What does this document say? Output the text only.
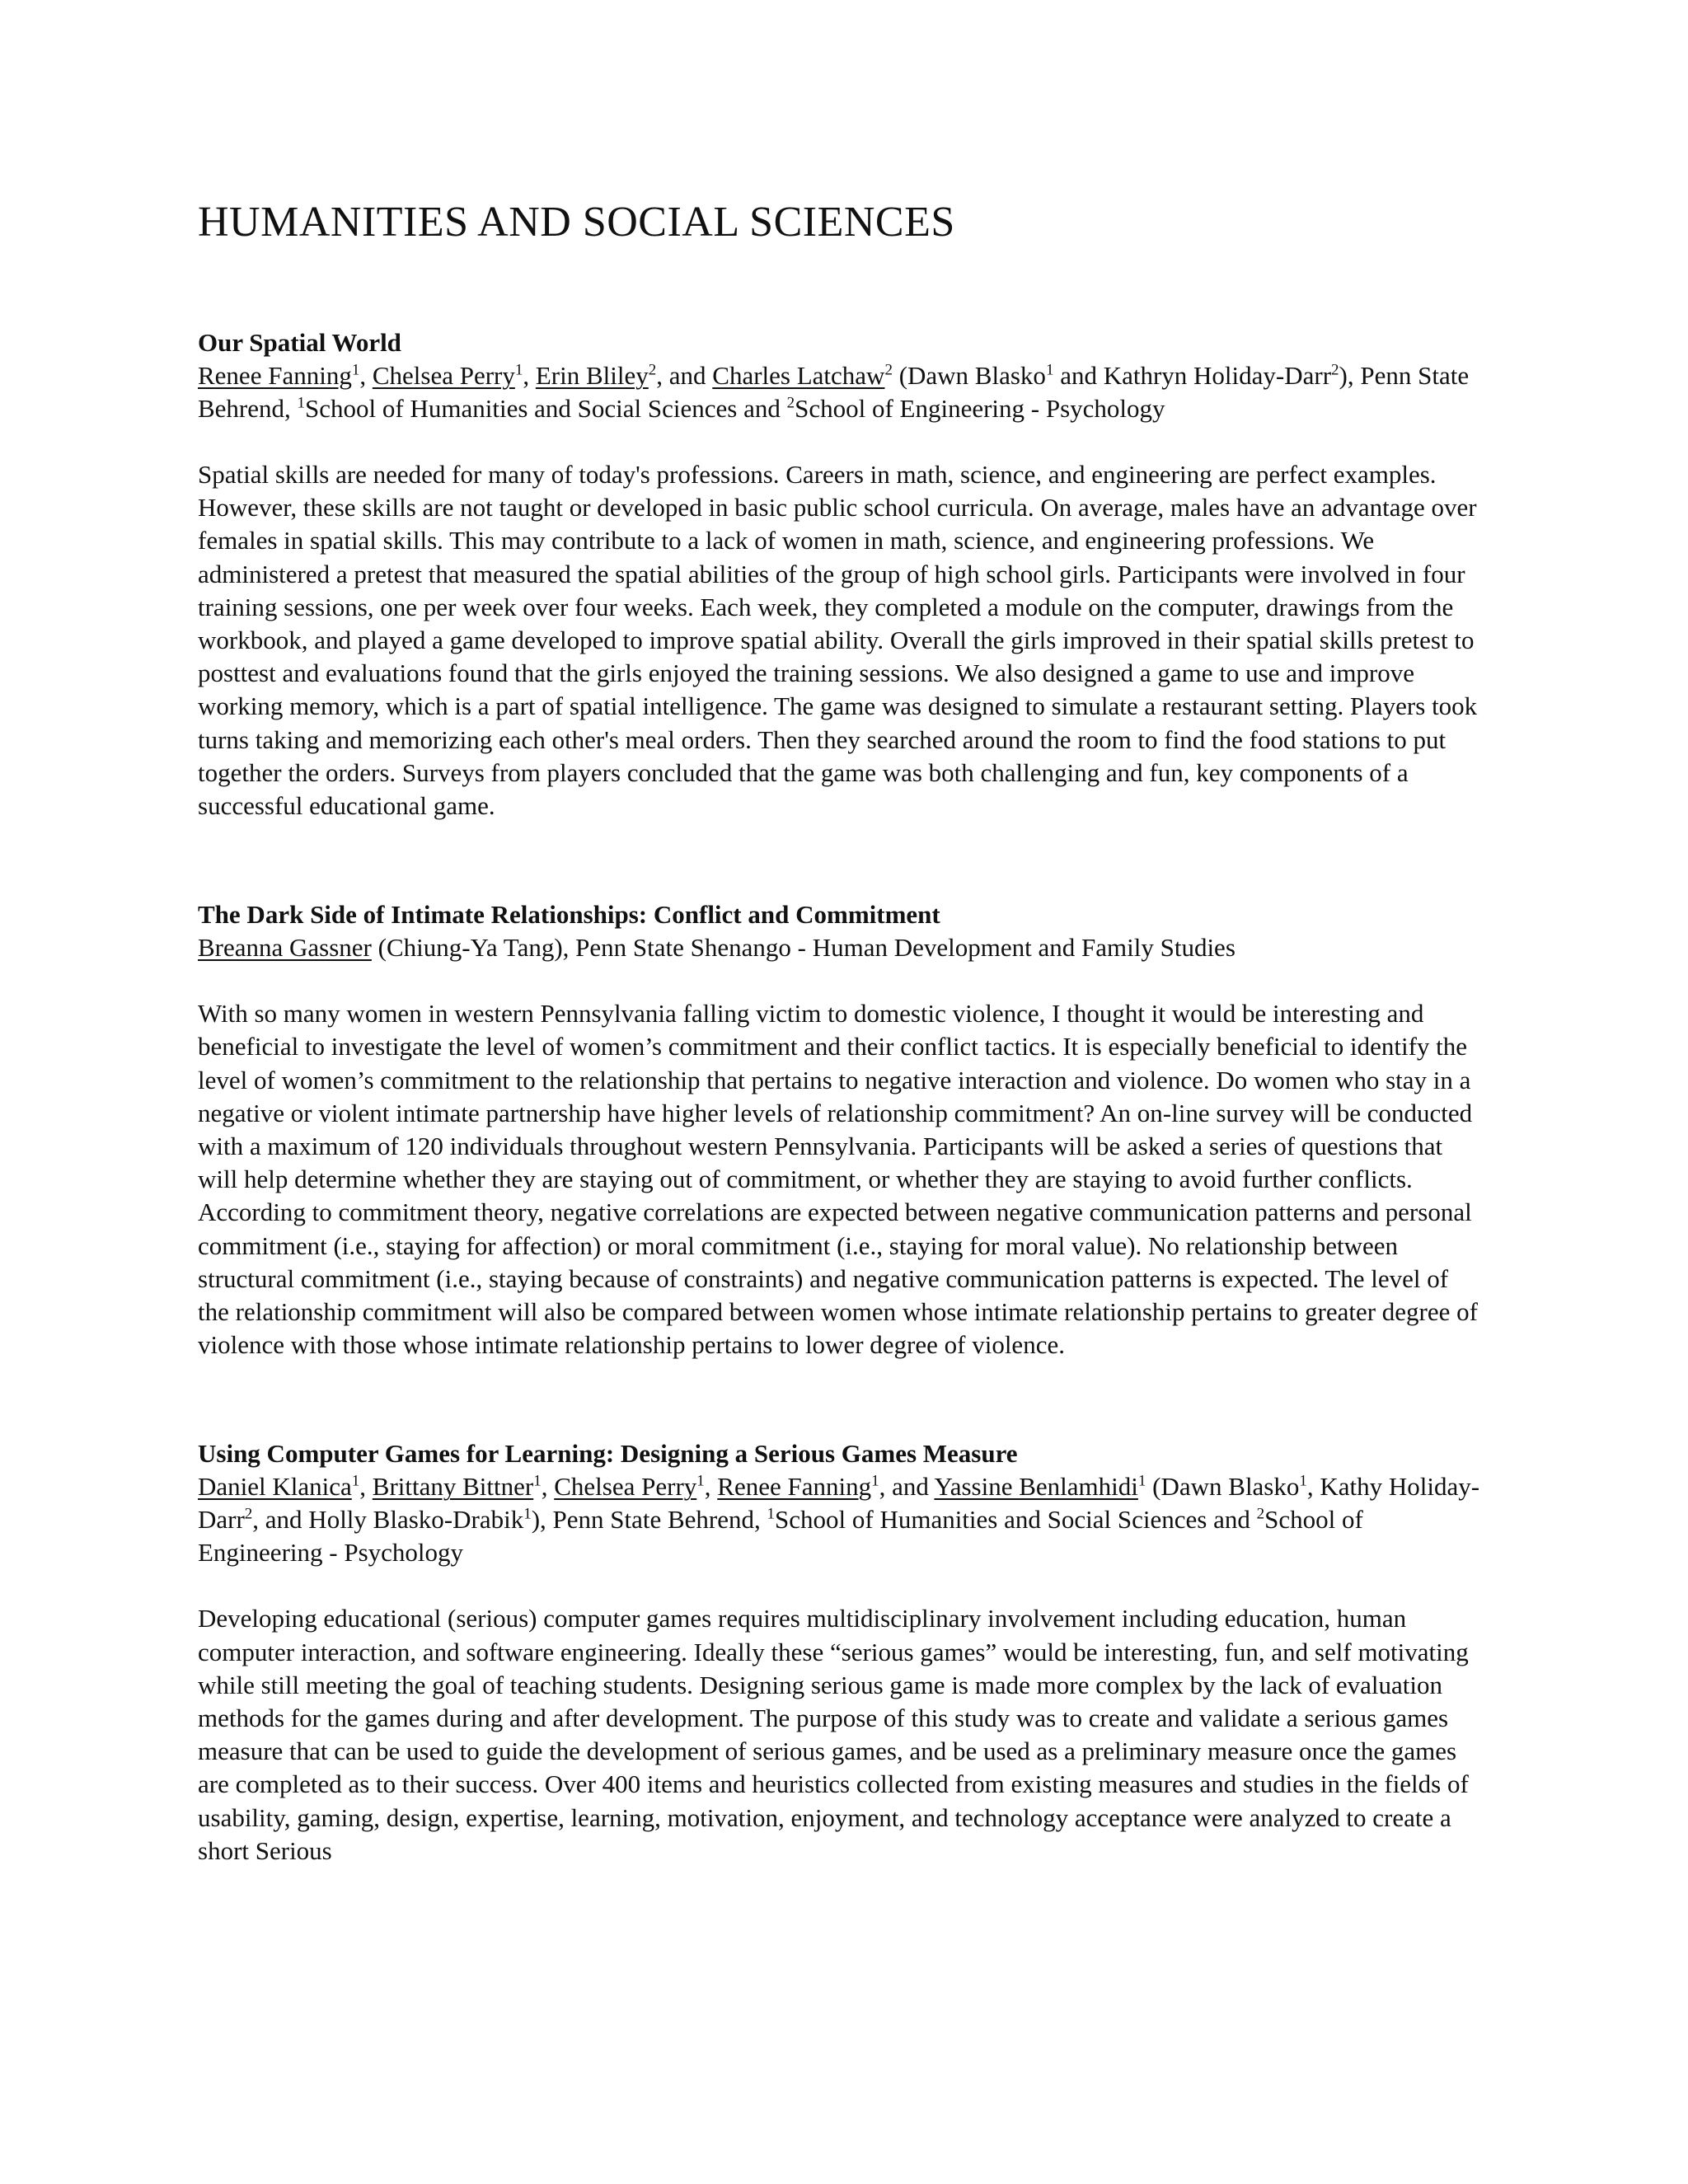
HUMANITIES AND SOCIAL SCIENCES

Our Spatial World

Renee Fanning$^1$, Chelsea Perry$^1$, Erin Bliley$^2$, and Charles Latchaw$^2$ (Dawn Blasko$^1$ and Kathryn Holiday-Darr$^2$), Penn State Behrend, $^1$School of Humanities and Social Sciences and $^2$School of Engineering - Psychology

Spatial skills are needed for many of today's professions. Careers in math, science, and engineering are perfect examples. However, these skills are not taught or developed in basic public school curricula. On average, males have an advantage over females in spatial skills. This may contribute to a lack of women in math, science, and engineering professions. We administered a pretest that measured the spatial abilities of the group of high school girls. Participants were involved in four training sessions, one per week over four weeks. Each week, they completed a module on the computer, drawings from the workbook, and played a game developed to improve spatial ability. Overall the girls improved in their spatial skills pretest to posttest and evaluations found that the girls enjoyed the training sessions. We also designed a game to use and improve working memory, which is a part of spatial intelligence. The game was designed to simulate a restaurant setting. Players took turns taking and memorizing each other's meal orders. Then they searched around the room to find the food stations to put together the orders. Surveys from players concluded that the game was both challenging and fun, key components of a successful educational game.

The Dark Side of Intimate Relationships: Conflict and Commitment

Breanna Gassner (Chiung-Ya Tang), Penn State Shenango - Human Development and Family Studies

With so many women in western Pennsylvania falling victim to domestic violence, I thought it would be interesting and beneficial to investigate the level of women’s commitment and their conflict tactics. It is especially beneficial to identify the level of women’s commitment to the relationship that pertains to negative interaction and violence. Do women who stay in a negative or violent intimate partnership have higher levels of relationship commitment? An on-line survey will be conducted with a maximum of 120 individuals throughout western Pennsylvania. Participants will be asked a series of questions that will help determine whether they are staying out of commitment, or whether they are staying to avoid further conflicts. According to commitment theory, negative correlations are expected between negative communication patterns and personal commitment (i.e., staying for affection) or moral commitment (i.e., staying for moral value). No relationship between structural commitment (i.e., staying because of constraints) and negative communication patterns is expected. The level of the relationship commitment will also be compared between women whose intimate relationship pertains to greater degree of violence with those whose intimate relationship pertains to lower degree of violence.

Using Computer Games for Learning: Designing a Serious Games Measure

Daniel Klanica$^1$, Brittany Bittner$^1$, Chelsea Perry$^1$, Renee Fanning$^1$, and Yassine Benlamhidi$^1$ (Dawn Blasko$^1$, Kathy Holiday-Darr$^2$, and Holly Blasko-Drabik$^1$), Penn State Behrend, $^1$School of Humanities and Social Sciences and $^2$School of Engineering - Psychology

Developing educational (serious) computer games requires multidisciplinary involvement including education, human computer interaction, and software engineering. Ideally these “serious games” would be interesting, fun, and self motivating while still meeting the goal of teaching students. Designing serious game is made more complex by the lack of evaluation methods for the games during and after development. The purpose of this study was to create and validate a serious games measure that can be used to guide the development of serious games, and be used as a preliminary measure once the games are completed as to their success. Over 400 items and heuristics collected from existing measures and studies in the fields of usability, gaming, design, expertise, learning, motivation, enjoyment, and technology acceptance were analyzed to create a short Serious
